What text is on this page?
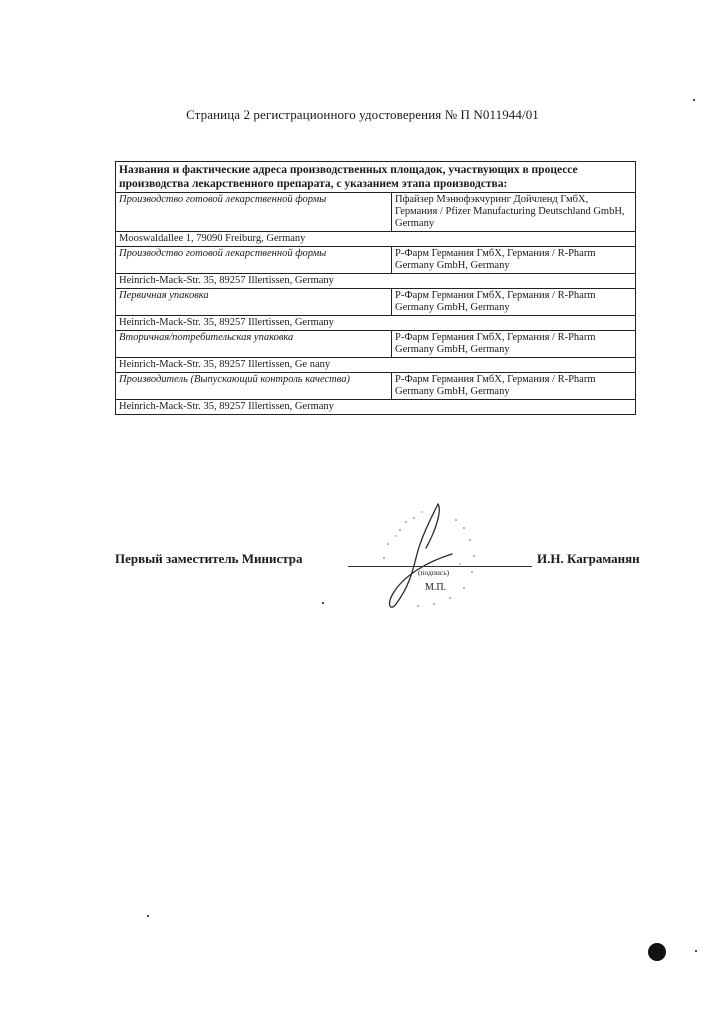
Страница 2 регистрационного удостоверения № П N011944/01
Названия и фактические адреса производственных площадок, участвующих в процессе производства лекарственного препарата, с указанием этапа производства:	
Производство готовой лекарственной формы	Пфайзер Мэнюфэкчуринг Дойчленд ГмбХ, Германия / Pfizer Manufacturing Deutschland GmbH, Germany
Mooswaldallee 1, 79090 Freiburg, Germany	
Производство готовой лекарственной формы	Р-Фарм Германия ГмбХ, Германия / R-Pharm Germany GmbH, Germany
Heinrich-Mack-Str. 35, 89257 Illertissen, Germany	
Первичная упаковка	Р-Фарм Германия ГмбХ, Германия / R-Pharm Germany GmbH, Germany
Heinrich-Mack-Str. 35, 89257 Illertissen, Germany	
Вторичная/потребительская упаковка	Р-Фарм Германия ГмбХ, Германия / R-Pharm Germany GmbH, Germany
Heinrich-Mack-Str. 35, 89257 Illertissen, Ge nany	
Производитель (Выпускающий контроль качества)	Р-Фарм Германия ГмбХ, Германия / R-Pharm Germany GmbH, Germany
Heinrich-Mack-Str. 35, 89257 Illertissen, Germany	
Первый заместитель Министра
(подпись)
М.П.
И.Н. Каграманян
